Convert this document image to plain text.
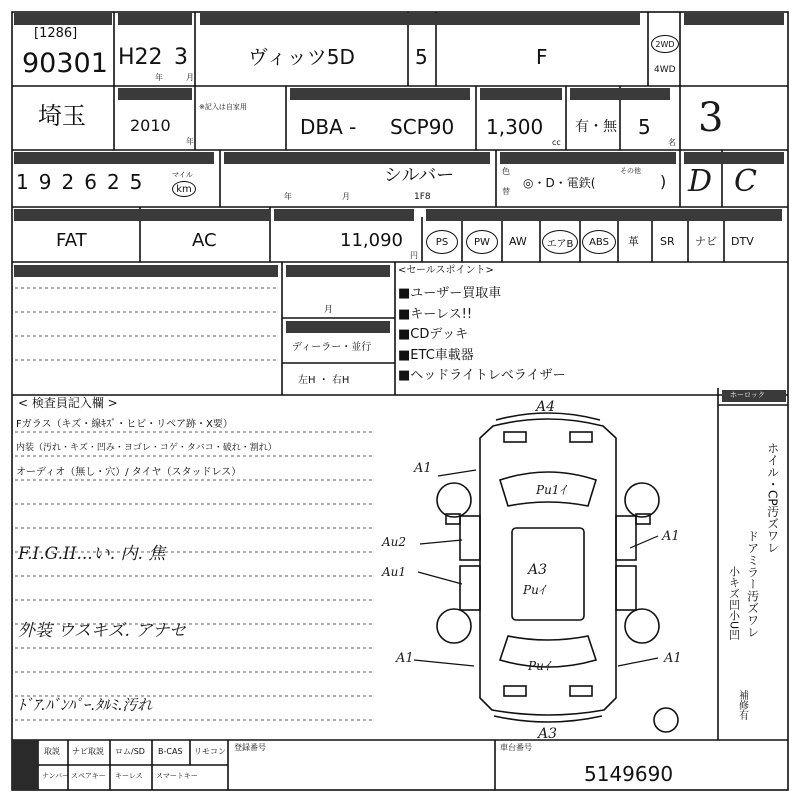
[1286]
90301 H22 3
年	月
ヴィッツ5D	5	F
2WD
4WD
埼玉	2010
年
※記入は自家用
DBA - SCP90 1,300
cc
有・無 5
名
3
1 9 2 6 2 5	マイル
km
年	月
シルバー
1F8
色
替
◎・D・電鉄(
その他
) D C
FAT	AC	11,090
円
PS	PW AW エアB ABS 革 SR ナビ DTV
月
ディーラー・並行
左H ・ 右H
<セールスポイント>
■ユーザー買取車
■キーレス!!
■CDデッキ
■ETC車載器
■ヘッドライトレベライザー
< 検査員記入欄 >
Fガラス（キズ・線ｷｽﾞ・ヒビ・リペア跡・X要）
内装（汚れ・キズ・凹み・ヨゴレ・コゲ・タバコ・破れ・割れ）
オーディオ（無し・穴）/ タイヤ（スタッドレス）
F.I.G.II...い. 内. 焦
外装 ウスキズ. アナセ
ﾄﾞｱ.ﾊﾞﾝﾊﾟｰ.ﾀﾙﾐ.汚れ
A4
A3
A3
A1
Au2
Au1
A1
A1
A1
Pu1ｲ
Puｲ
Puｲ
ホーロック
ホイル・CP汚ズワレ
ドアミラー汚ズワレ
小キズ凹小U凹
補修有
取説 ナビ取説 ロム/SD B-CAS リモコン
ナンバー スペアキー キーレス スマートキー
登録番号	車台番号
5149690
